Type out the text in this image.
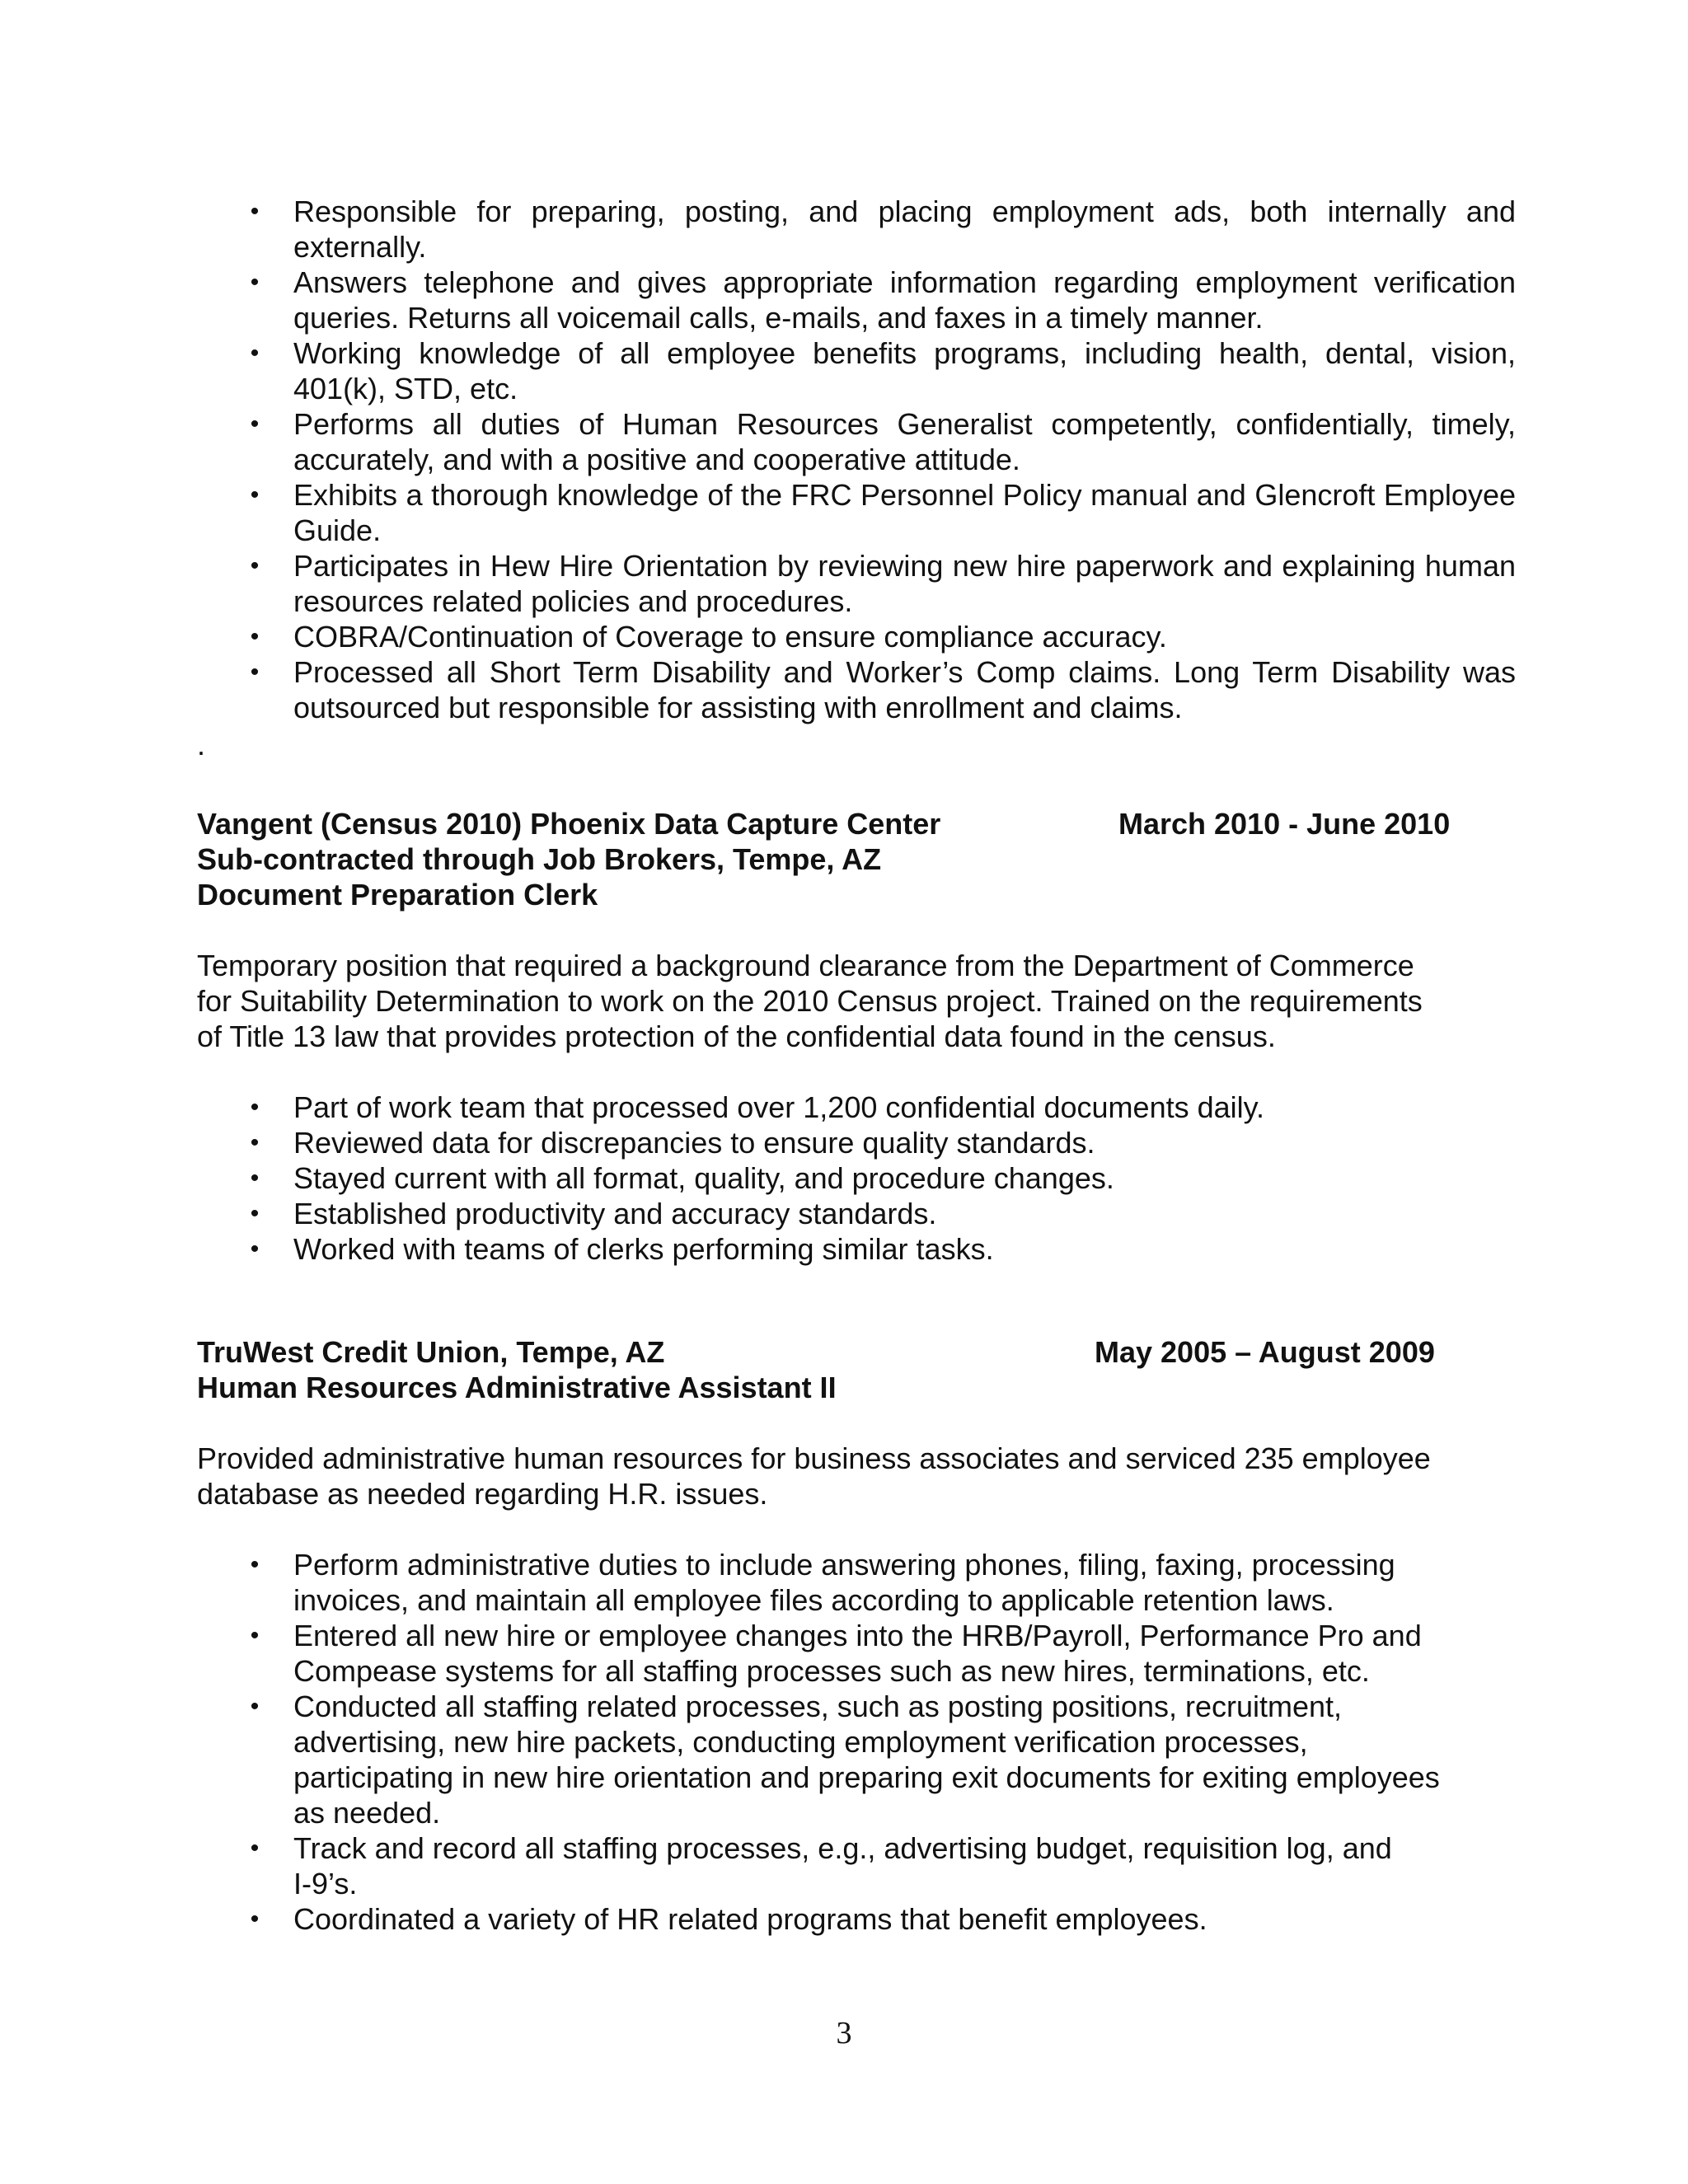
• Responsible for preparing, posting, and placing employment ads, both internally and externally.
• Answers telephone and gives appropriate information regarding employment verification queries. Returns all voicemail calls, e-mails, and faxes in a timely manner.
• Working knowledge of all employee benefits programs, including health, dental, vision, 401(k), STD, etc.
• Performs all duties of Human Resources Generalist competently, confidentially, timely, accurately, and with a positive and cooperative attitude.
• Exhibits a thorough knowledge of the FRC Personnel Policy manual and Glencroft Employee Guide.
• Participates in Hew Hire Orientation by reviewing new hire paperwork and explaining human resources related policies and procedures.
• COBRA/Continuation of Coverage to ensure compliance accuracy.
• Processed all Short Term Disability and Worker’s Comp claims. Long Term Disability was outsourced but responsible for assisting with enrollment and claims.
.
Vangent (Census 2010) Phoenix Data Capture Center	March 2010 - June 2010
Sub-contracted through Job Brokers, Tempe, AZ
Document Preparation Clerk
Temporary position that required a background clearance from the Department of Commerce
for Suitability Determination to work on the 2010 Census project. Trained on the requirements
of Title 13 law that provides protection of the confidential data found in the census.
• Part of work team that processed over 1,200 confidential documents daily.
• Reviewed data for discrepancies to ensure quality standards.
• Stayed current with all format, quality, and procedure changes.
• Established productivity and accuracy standards.
• Worked with teams of clerks performing similar tasks.
TruWest Credit Union, Tempe, AZ	May 2005 – August 2009
Human Resources Administrative Assistant II
Provided administrative human resources for business associates and serviced 235 employee
database as needed regarding H.R. issues.
• Perform administrative duties to include answering phones, filing, faxing, processing
invoices, and maintain all employee files according to applicable retention laws.
• Entered all new hire or employee changes into the HRB/Payroll, Performance Pro and
Compease systems for all staffing processes such as new hires, terminations, etc.
• Conducted all staffing related processes, such as posting positions, recruitment,
advertising, new hire packets, conducting employment verification processes,
participating in new hire orientation and preparing exit documents for exiting employees
as needed.
• Track and record all staffing processes, e.g., advertising budget, requisition log, and
I-9’s.
• Coordinated a variety of HR related programs that benefit employees.
3
